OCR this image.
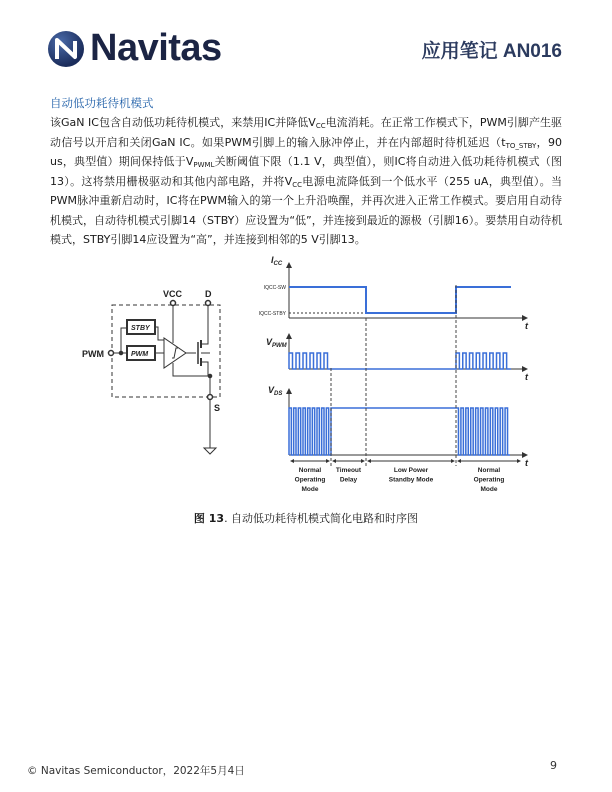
Navitas	应用笔记 AN016
自动低功耗待机模式
该GaN IC包含自动低功耗待机模式，来禁用IC并降低$V_{CC}$电流消耗。在正常工作模式下，PWM引脚产生驱
动信号以开启和关闭GaN IC。如果PWM引脚上的输入脉冲停止，并在内部超时待机延迟（$t_{TO\_STBY}$，90
us，典型值）期间保持低于$V_{PWML}$关断阈值下限（1.1 V，典型值），则IC将自动进入低功耗待机模式（图
13）。这将禁用栅极驱动和其他内部电路，并将$V_{CC}$电源电流降低到一个低水平（255 uA，典型值）。当
PWM脉冲重新启动时，IC将在PWM输入的第一个上升沿唤醒，并再次进入正常工作模式。要启用自动待
机模式，自动待机模式引脚14（STBY）应设置为“低”，并连接到最近的源极（引脚16）。要禁用自动待机
模式，STBY引脚14应设置为“高”，并连接到相邻的5 V引脚13。
VCC	D
S
PWM
STBY
PWM
t
t
t
$I_{CC}$
$V_{PWM}$
$V_{DS}$
IQCC-SW
IQCC-STBY
Normal
Operating
Mode
Timeout
Delay
Low Power
Standby Mode
Normal
Operating
Mode
图 13. 自动低功耗待机模式简化电路和时序图
© Navitas Semiconductor，2022年5月4日	9
